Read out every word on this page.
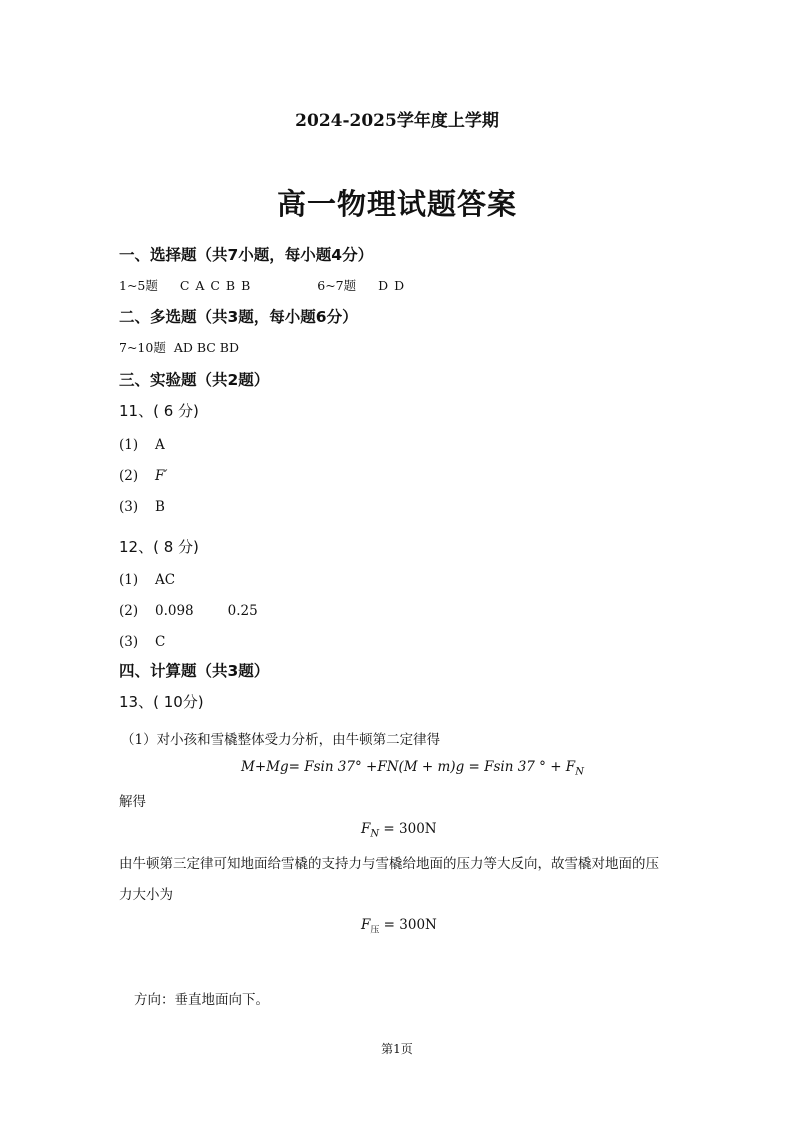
2024-2025学年度上学期
高一物理试题答案
一、选择题（共7小题，每小题4分）
1~5题 C A C B B	6~7题 D D
二、多选题（共3题，每小题6分）
7~10题 AD BC BD
三、实验题（共2题）
11、( 6 分)
(1) A
(2) F′
(3) B
12、( 8 分)
(1) AC
(2) 0.098	0.25
(3) C
四、计算题（共3题）
13、( 10分)
（1）对小孩和雪橇整体受力分析，由牛顿第二定律得
M+Mg= Fsin 37° +FN(M + m)g = Fsin 37 ° + $F_N$
解得
$F_N = 300N$
由牛顿第三定律可知地面给雪橇的支持力与雪橇给地面的压力等大反向，故雪橇对地面的压
力大小为
$F_压 = 300N$
方向：垂直地面向下。
第1页
